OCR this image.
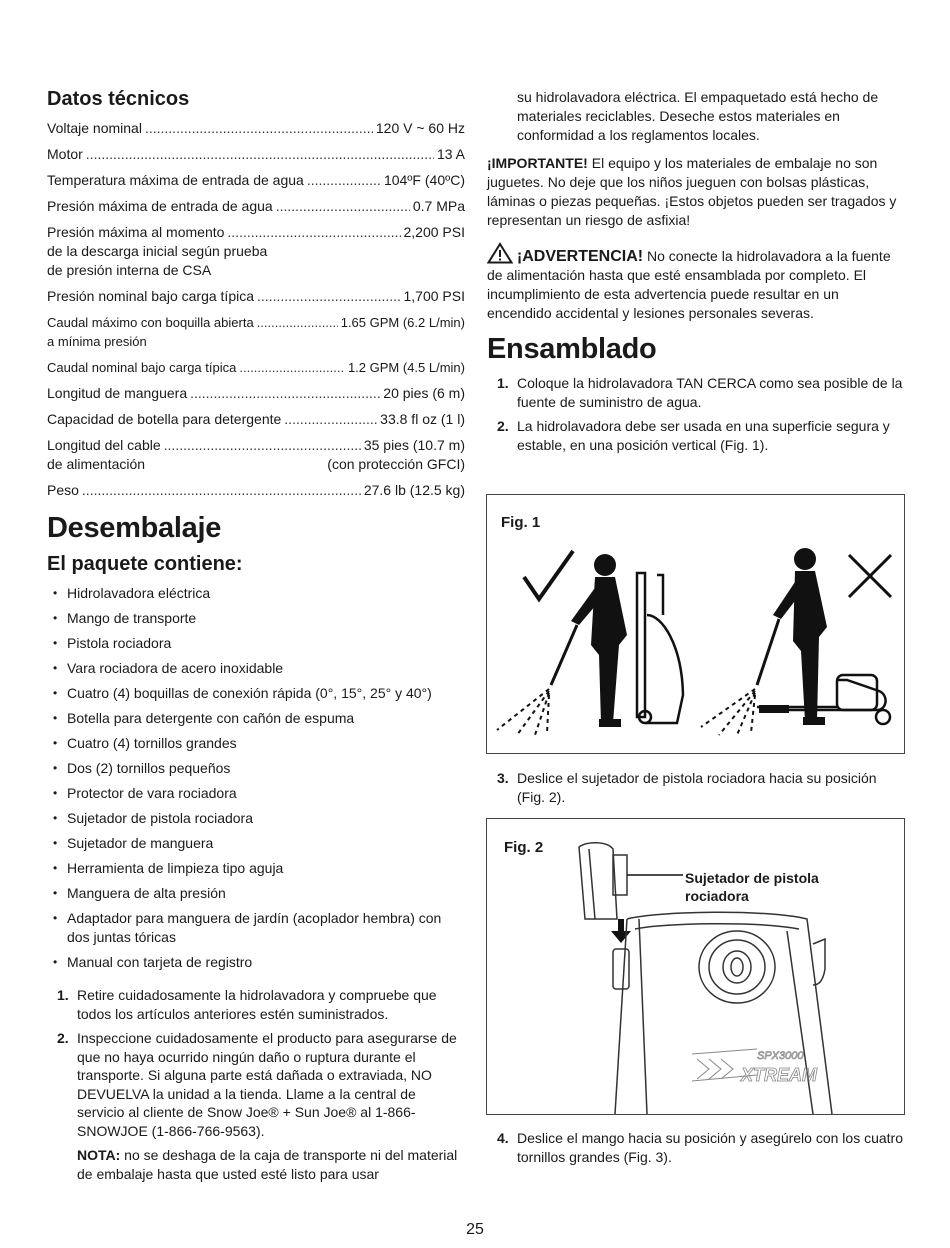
Datos técnicos
Voltaje nominal .....	120 V ~ 60 Hz
Motor .....	13 A
Temperatura máxima de entrada de agua .....	104ºF (40ºC)
Presión máxima de entrada de agua .....	0.7 MPa
Presión máxima al momento .....	2,200 PSI
de la descarga inicial según prueba
de presión interna de CSA
Presión nominal bajo carga típica .....	1,700 PSI
Caudal máximo con boquilla abierta .....	1.65 GPM (6.2 L/min)
a mínima presión
Caudal nominal bajo carga típica .....	1.2 GPM (4.5 L/min)
Longitud de manguera .....	20 pies (6 m)
Capacidad de botella para detergente .....	33.8 fl oz (1 l)
Longitud del cable .....	35 pies (10.7 m)
de alimentación	(con protección GFCI)
Peso .....	27.6 lb (12.5 kg)
Desembalaje
El paquete contiene:
• Hidrolavadora eléctrica
• Mango de transporte
• Pistola rociadora
• Vara rociadora de acero inoxidable
• Cuatro (4) boquillas de conexión rápida (0°, 15°, 25° y 40°)
• Botella para detergente con cañón de espuma
• Cuatro (4) tornillos grandes
• Dos (2) tornillos pequeños
• Protector de vara rociadora
• Sujetador de pistola rociadora
• Sujetador de manguera
• Herramienta de limpieza tipo aguja
• Manguera de alta presión
• Adaptador para manguera de jardín (acoplador hembra) con dos juntas tóricas
• Manual con tarjeta de registro
1. Retire cuidadosamente la hidrolavadora y compruebe que todos los artículos anteriores estén suministrados.
2. Inspeccione cuidadosamente el producto para asegurarse de que no haya ocurrido ningún daño o ruptura durante el transporte. Si alguna parte está dañada o extraviada, NO DEVUELVA la unidad a la tienda. Llame a la central de servicio al cliente de Snow Joe® + Sun Joe® al 1-866-SNOWJOE (1-866-766-9563).

NOTA: no se deshaga de la caja de transporte ni del material de embalaje hasta que usted esté listo para usar

su hidrolavadora eléctrica. El empaquetado está hecho de materiales reciclables. Deseche estos materiales en conformidad a los reglamentos locales.

¡IMPORTANTE! El equipo y los materiales de embalaje no son juguetes. No deje que los niños jueguen con bolsas plásticas, láminas o piezas pequeñas. ¡Estos objetos pueden ser tragados y representan un riesgo de asfixia!

¡ADVERTENCIA! No conecte la hidrolavadora a la fuente de alimentación hasta que esté ensamblada por completo. El incumplimiento de esta advertencia puede resultar en un encendido accidental y lesiones personales severas.

Ensamblado
1. Coloque la hidrolavadora TAN CERCA como sea posible de la fuente de suministro de agua.
2. La hidrolavadora debe ser usada en una superficie segura y estable, en una posición vertical (Fig. 1).
Fig. 1
3. Deslice el sujetador de pistola rociadora hacia su posición (Fig. 2).
Fig. 2
Sujetador de pistola
rociadora
SPX3000
XTREAM
4. Deslice el mango hacia su posición y asegúrelo con los cuatro tornillos grandes (Fig. 3).
25
